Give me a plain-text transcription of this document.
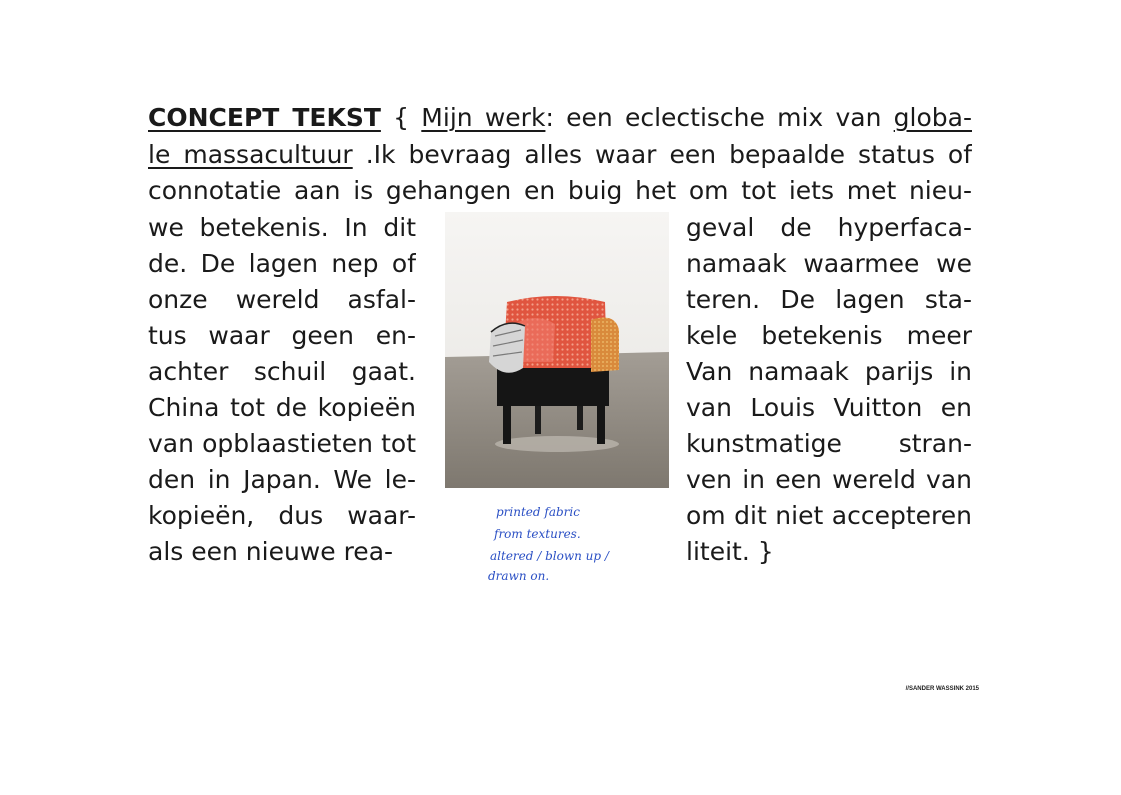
CONCEPT TEKST { Mijn werk: een eclectische mix van globa-
le massacultuur .Ik bevraag alles waar een bepaalde status of
connotatie aan is gehangen en buig het om tot iets met nieu-
we betekenis. In dit
de. De lagen nep of
onze wereld asfal-
tus waar geen en-
achter schuil gaat.
China tot de kopieën
van opblaastieten tot
den in Japan. We le-
kopieën, dus waar-
als een nieuwe rea-
geval de hyperfaca-
namaak waarmee we
teren. De lagen sta-
kele betekenis meer
Van namaak parijs in
van Louis Vuitton en
kunstmatige stran-
ven in een wereld van
om dit niet accepteren
liteit. }
printed fabric
from textures.
altered / blown up /
drawn on.
//SANDER WASSINK 2015
